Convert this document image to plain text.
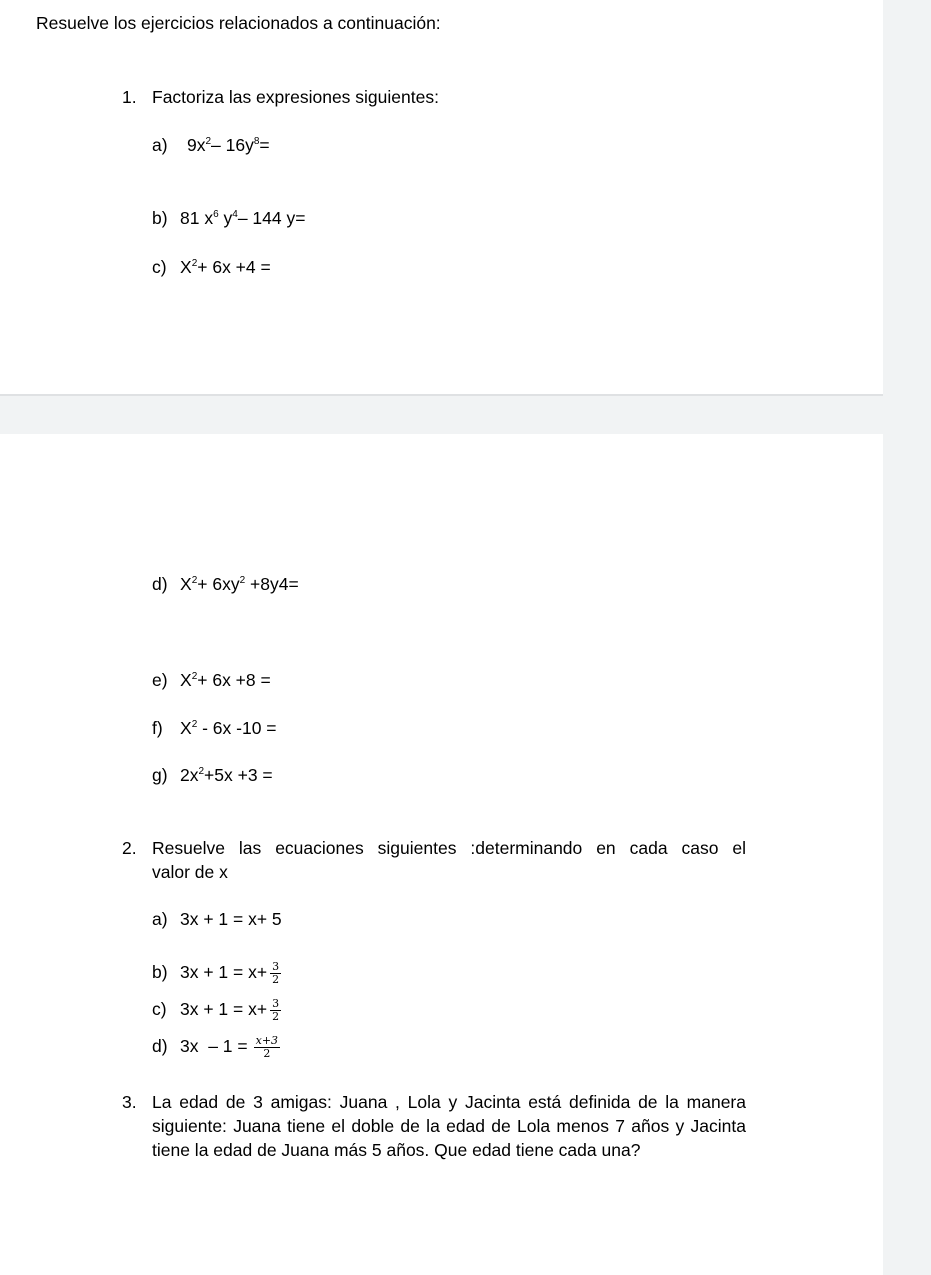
Resuelve los ejercicios relacionados a continuación:
1. Factoriza las expresiones siguientes:
a) $9x^2-$ $16y^8=$
b) 81 $x^6$ $y^4-$ 144 y=
c) $X^2+ 6x +4$ =
d) $X^2+ 6xy^2 +8y4=$
e) $X^2+ 6x +8$ =
f) $X^2 - 6x$ -10 =
g) $2x^2+5x +3$ =
2. Resuelve las ecuaciones siguientes :determinando en cada caso el
valor de x
a) 3x + 1 = x+ 5
b) $3x + 1 = x+ \frac{3}{2}$
c) $3x + 1 = x+ \frac{3}{2}$
d) $3x - 1 = \frac{x+3}{2}$
3. La edad de 3 amigas: Juana , Lola y Jacinta está definida de la manera siguiente: Juana tiene el doble de la edad de Lola menos 7 años y Jacinta tiene la edad de Juana más 5 años. Que edad tiene cada una?
